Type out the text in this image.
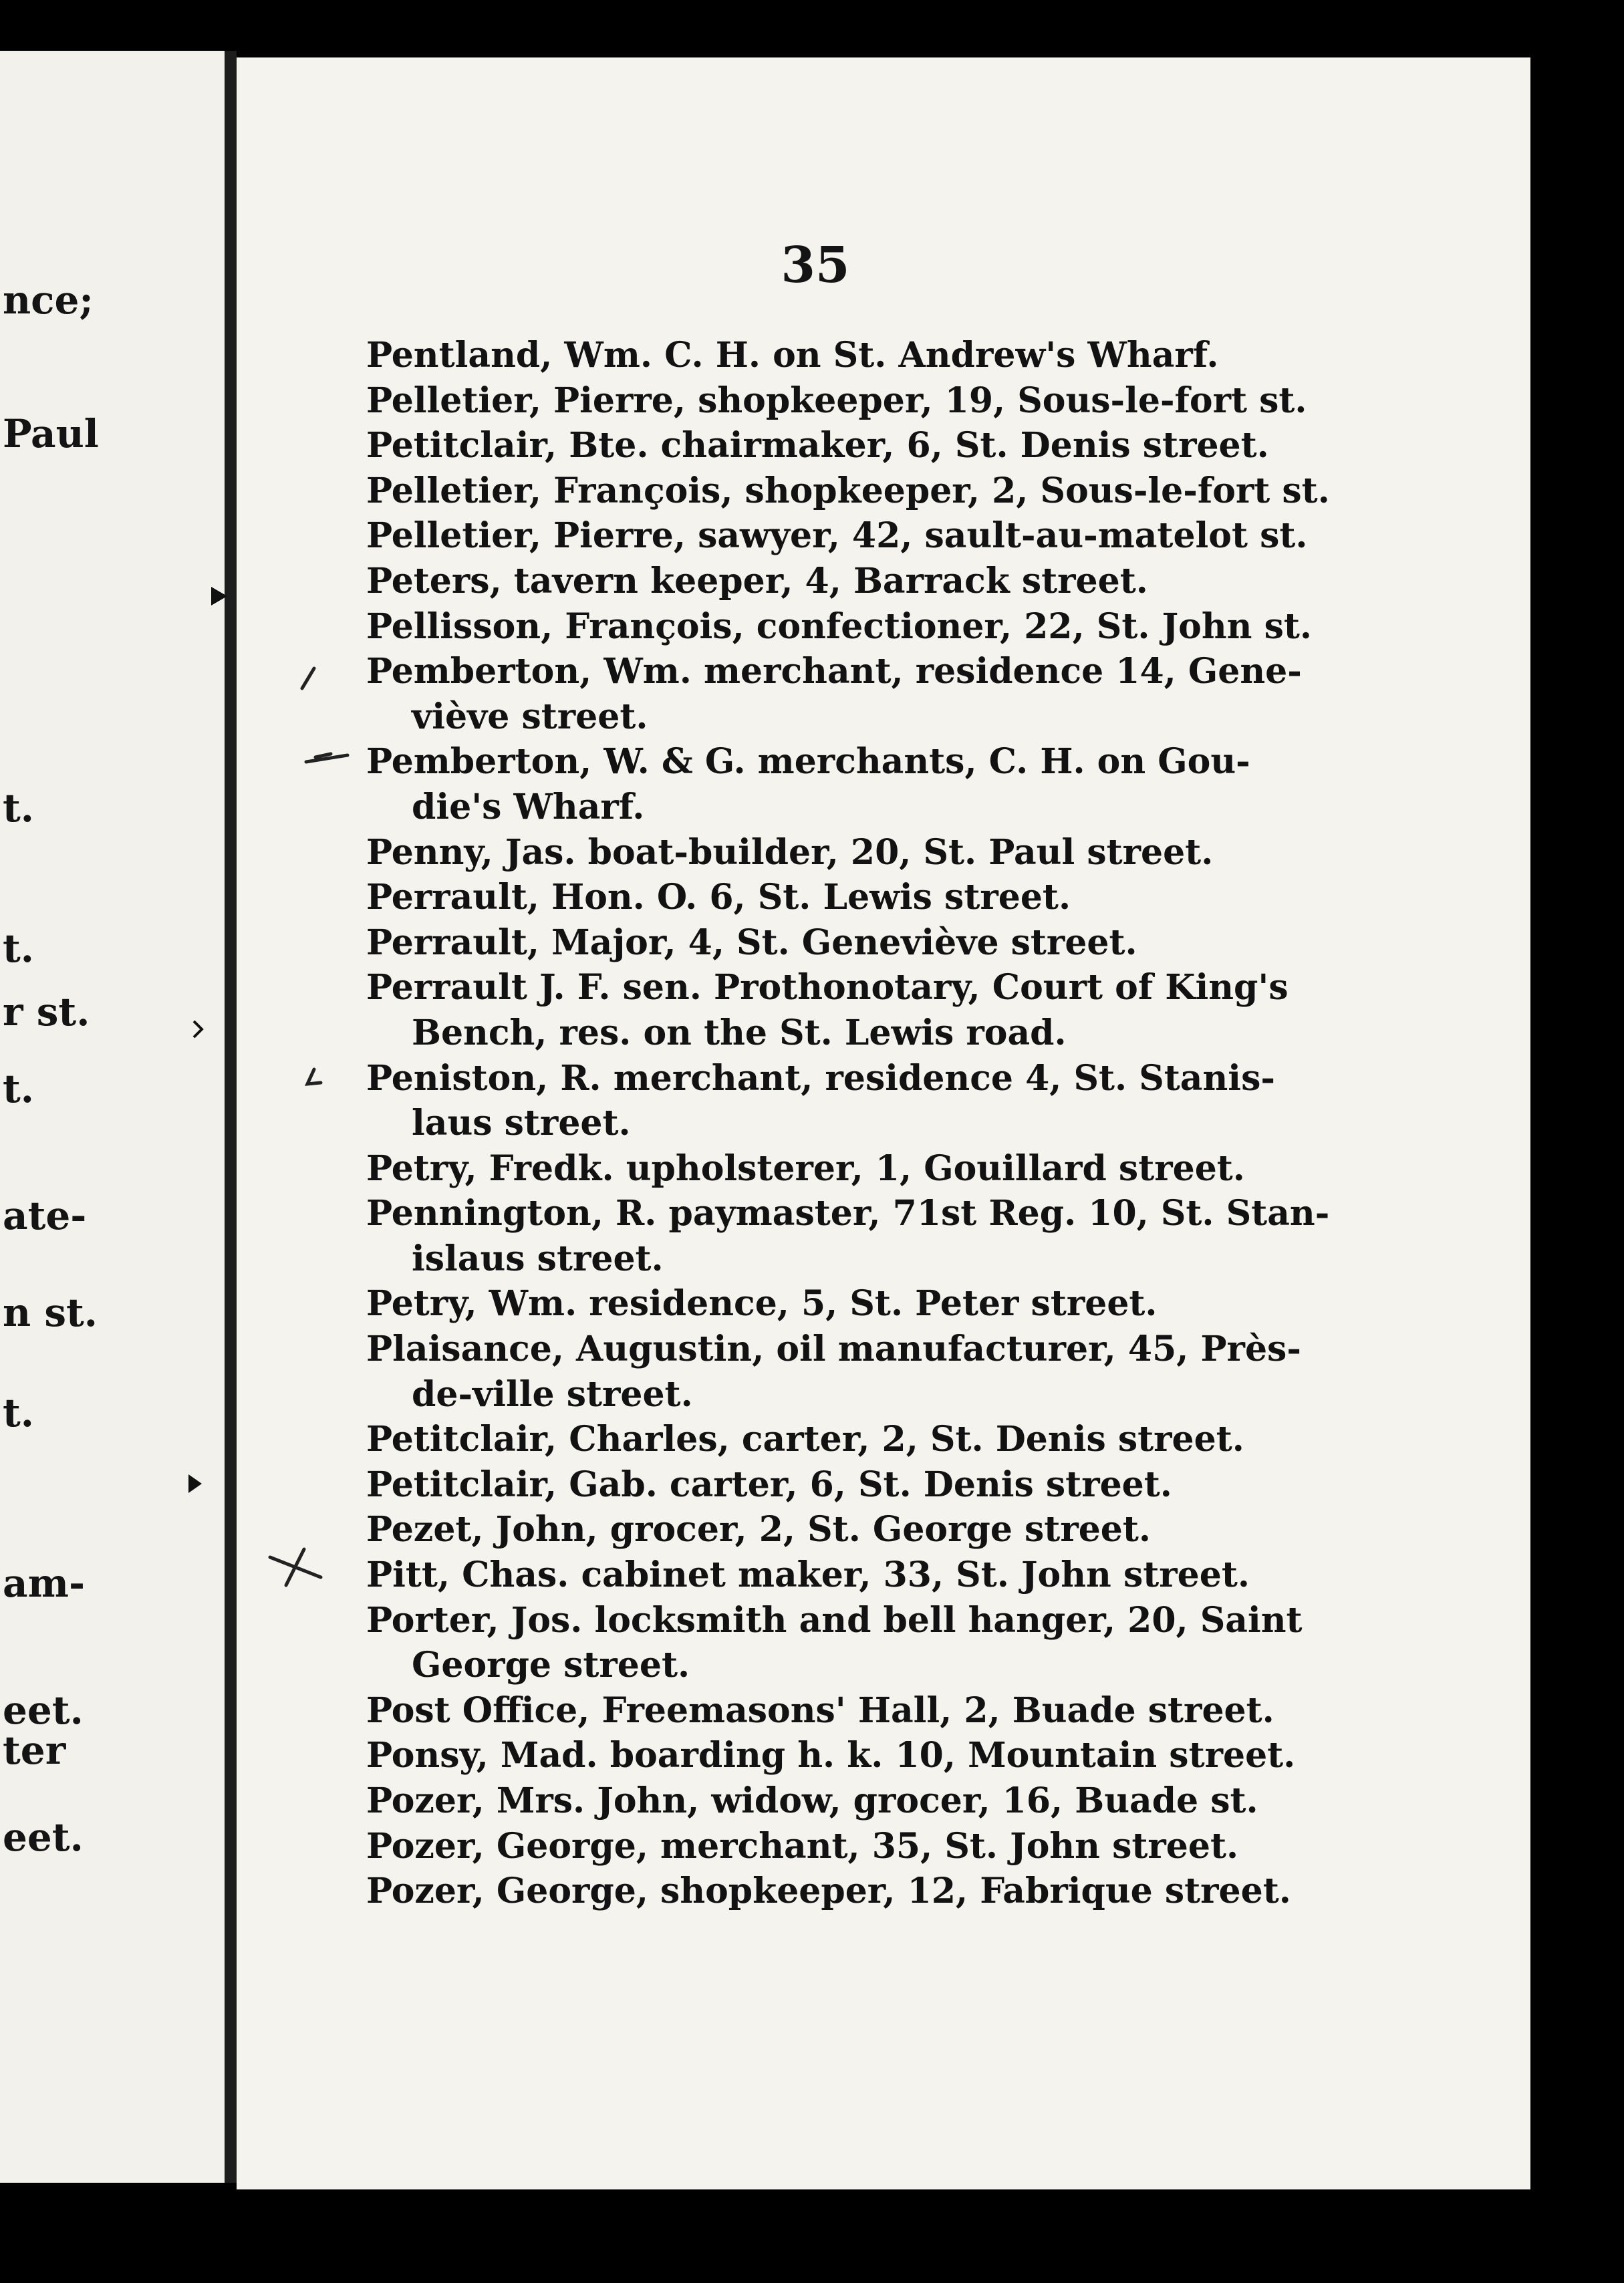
nce;
Paul
t.
t.
r st.
t.
ate-
n st.
t.
am-
eet.
ter
eet.
35
Pentland, Wm. C. H. on St. Andrew's Wharf.
Pelletier, Pierre, shopkeeper, 19, Sous-le-fort st.
Petitclair, Bte. chairmaker, 6, St. Denis street.
Pelletier, François, shopkeeper, 2, Sous-le-fort st.
Pelletier, Pierre, sawyer, 42, sault-au-matelot st.
Peters, tavern keeper, 4, Barrack street.
Pellisson, François, confectioner, 22, St. John st.
Pemberton, Wm. merchant, residence 14, Gene-
viève street.
Pemberton, W. & G. merchants, C. H. on Gou-
die's Wharf.
Penny, Jas. boat-builder, 20, St. Paul street.
Perrault, Hon. O. 6, St. Lewis street.
Perrault, Major, 4, St. Geneviève street.
Perrault J. F. sen. Prothonotary, Court of King's
Bench, res. on the St. Lewis road.
Peniston, R. merchant, residence 4, St. Stanis-
laus street.
Petry, Fredk. upholsterer, 1, Gouillard street.
Pennington, R. paymaster, 71st Reg. 10, St. Stan-
islaus street.
Petry, Wm. residence, 5, St. Peter street.
Plaisance, Augustin, oil manufacturer, 45, Près-
de-ville street.
Petitclair, Charles, carter, 2, St. Denis street.
Petitclair, Gab. carter, 6, St. Denis street.
Pezet, John, grocer, 2, St. George street.
Pitt, Chas. cabinet maker, 33, St. John street.
Porter, Jos. locksmith and bell hanger, 20, Saint
George street.
Post Office, Freemasons' Hall, 2, Buade street.
Ponsy, Mad. boarding h. k. 10, Mountain street.
Pozer, Mrs. John, widow, grocer, 16, Buade st.
Pozer, George, merchant, 35, St. John street.
Pozer, George, shopkeeper, 12, Fabrique street.
